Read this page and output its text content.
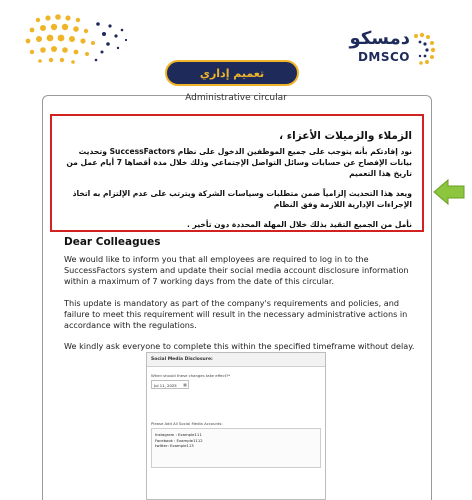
دمسكو
DMSCO
تعميم إداري
Administrative circular
الزملاء والزميلات الأعزاء ،

نود إفادتكم بأنه يتوجب على جميع الموظفين الدخول على نظام SuccessFactors وتحديث بيانات الإفصاح عن حسابات وسائل التواصل الإجتماعي وذلك خلال مدة أقصاها 7 أيام عمل من تاريخ هذا التعميم

ويعد هذا التحديث إلزامياً ضمن متطلبات وسياسات الشركة ويترتب على عدم الإلتزام به اتخاذ الإجراءات الإدارية اللازمة وفق النظام

نأمل من الجميع التقيد بذلك خلال المهلة المحددة دون تأخير .

Dear Colleagues

We would like to inform you that all employees are required to log in to the SuccessFactors system and update their social media account disclosure information within a maximum of 7 working days from the date of this circular.

This update is mandatory as part of the company's requirements and policies, and failure to meet this requirement will result in the necessary administrative actions in accordance with the regulations.

We kindly ask everyone to complete this within the specified timeframe without delay.

Social Media Disclosure:
When should these changes take effect?*
Jul 11, 2025 ▦
Please Add All Social Media Accounts:
Instagram : Example111
Facebook : Example1112
twitter: Example113
